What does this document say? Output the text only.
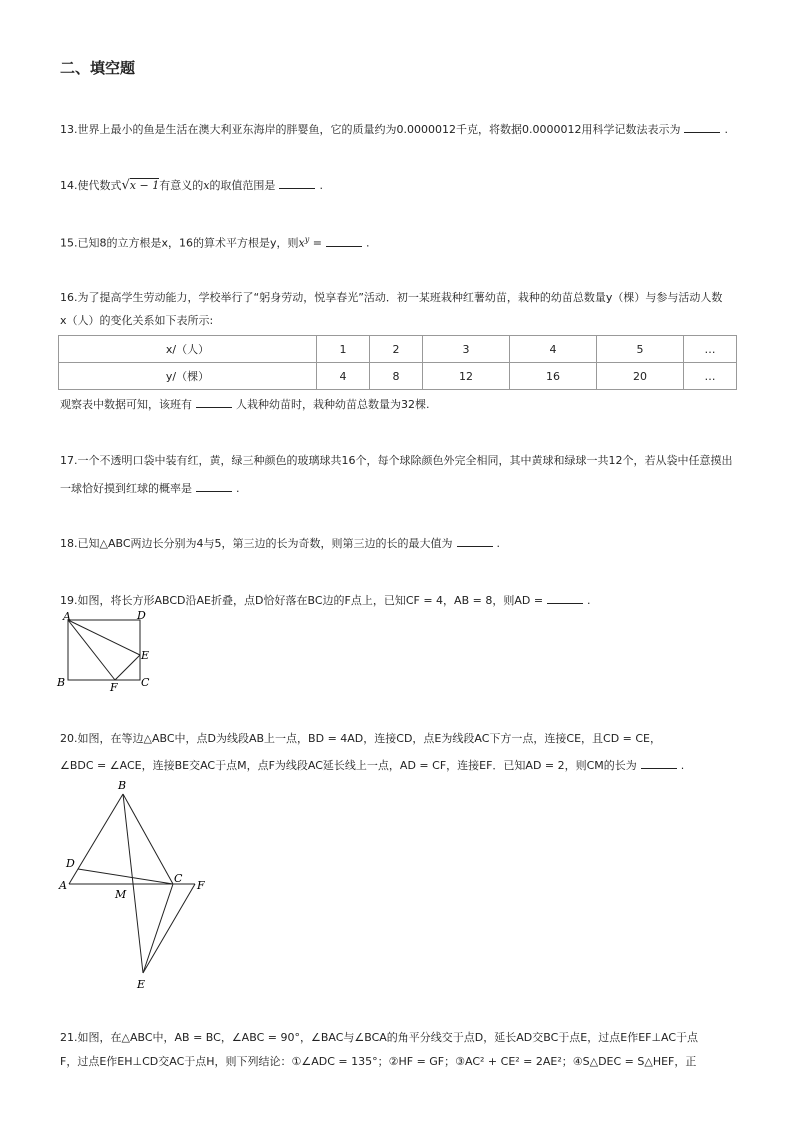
二、填空题
13.世界上最小的鱼是生活在澳大利亚东海岸的胖婴鱼，它的质量约为0.0000012千克，将数据0.0000012用科学记数法表示为	.
14.使代数式√x − 1有意义的x的取值范围是	.
15.已知8的立方根是x，16的算术平方根是y，则$x^y$ =	.
16.为了提高学生劳动能力，学校举行了“躬身劳动，悦享春光”活动．初一某班栽种红薯幼苗，栽种的幼苗总数量y（棵）与参与活动人数
x（人）的变化关系如下表所示:
x/（人）	1	2	3	4	5	…
y/（棵）	4	8	12	16	20	…
观察表中数据可知，该班有	人栽种幼苗时，栽种幼苗总数量为32棵.
17.一个不透明口袋中装有红，黄，绿三种颜色的玻璃球共16个，每个球除颜色外完全相同，其中黄球和绿球一共12个，若从袋中任意摸出
一球恰好摸到红球的概率是	.
18.已知△ABC两边长分别为4与5，第三边的长为奇数，则第三边的长的最大值为	.
19.如图，将长方形ABCD沿AE折叠，点D恰好落在BC边的F点上，已知CF = 4，AB = 8，则AD =	.
A	D
E
B	F C
20.如图，在等边△ABC中，点D为线段AB上一点，BD = 4AD，连接CD，点E为线段AC下方一点，连接CE，且CD = CE，
∠BDC = ∠ACE，连接BE交AC于点M，点F为线段AC延长线上一点，AD = CF，连接EF．已知AD = 2，则CM的长为	.
B
D
A
M
C
F
E
21.如图，在△ABC中，AB = BC，∠ABC = 90°，∠BAC与∠BCA的角平分线交于点D，延长AD交BC于点E，过点E作EF⊥AC于点
F，过点E作EH⊥CD交AC于点H，则下列结论：①∠ADC = 135°；②HF = GF；③AC² + CE² = 2AE²；④S△DEC = S△HEF，正
